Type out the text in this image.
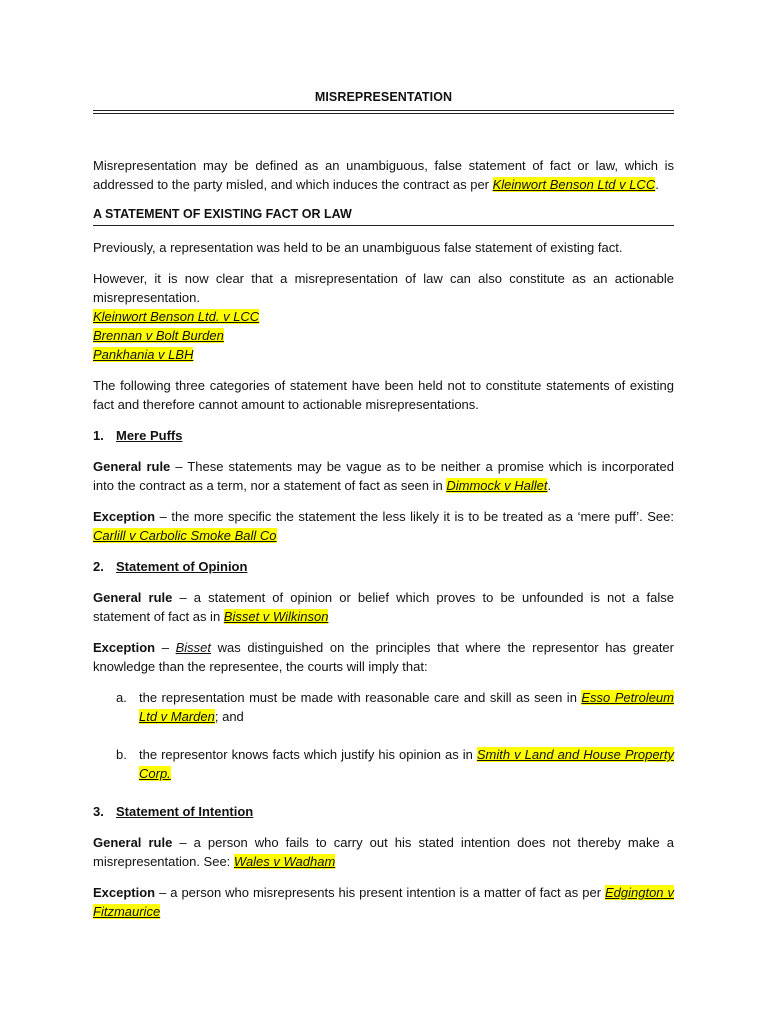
MISREPRESENTATION

Misrepresentation may be defined as an unambiguous, false statement of fact or law, which is addressed to the party misled, and which induces the contract as per Kleinwort Benson Ltd v LCC.

A STATEMENT OF EXISTING FACT OR LAW

Previously, a representation was held to be an unambiguous false statement of existing fact.

However, it is now clear that a misrepresentation of law can also constitute as an actionable misrepresentation.

Kleinwort Benson Ltd. v LCC
Brennan v Bolt Burden
Pankhania v LBH

The following three categories of statement have been held not to constitute statements of existing fact and therefore cannot amount to actionable misrepresentations.

1. Mere Puffs

General rule – These statements may be vague as to be neither a promise which is incorporated into the contract as a term, nor a statement of fact as seen in Dimmock v Hallet.

Exception – the more specific the statement the less likely it is to be treated as a ‘mere puff’. See: Carlill v Carbolic Smoke Ball Co

2. Statement of Opinion

General rule – a statement of opinion or belief which proves to be unfounded is not a false statement of fact as in Bisset v Wilkinson

Exception – Bisset was distinguished on the principles that where the representor has greater knowledge than the representee, the courts will imply that:

a. the representation must be made with reasonable care and skill as seen in Esso Petroleum Ltd v Marden; and
b. the representor knows facts which justify his opinion as in Smith v Land and House Property Corp.
3. Statement of Intention

General rule – a person who fails to carry out his stated intention does not thereby make a misrepresentation. See: Wales v Wadham

Exception – a person who misrepresents his present intention is a matter of fact as per Edgington v Fitzmaurice
